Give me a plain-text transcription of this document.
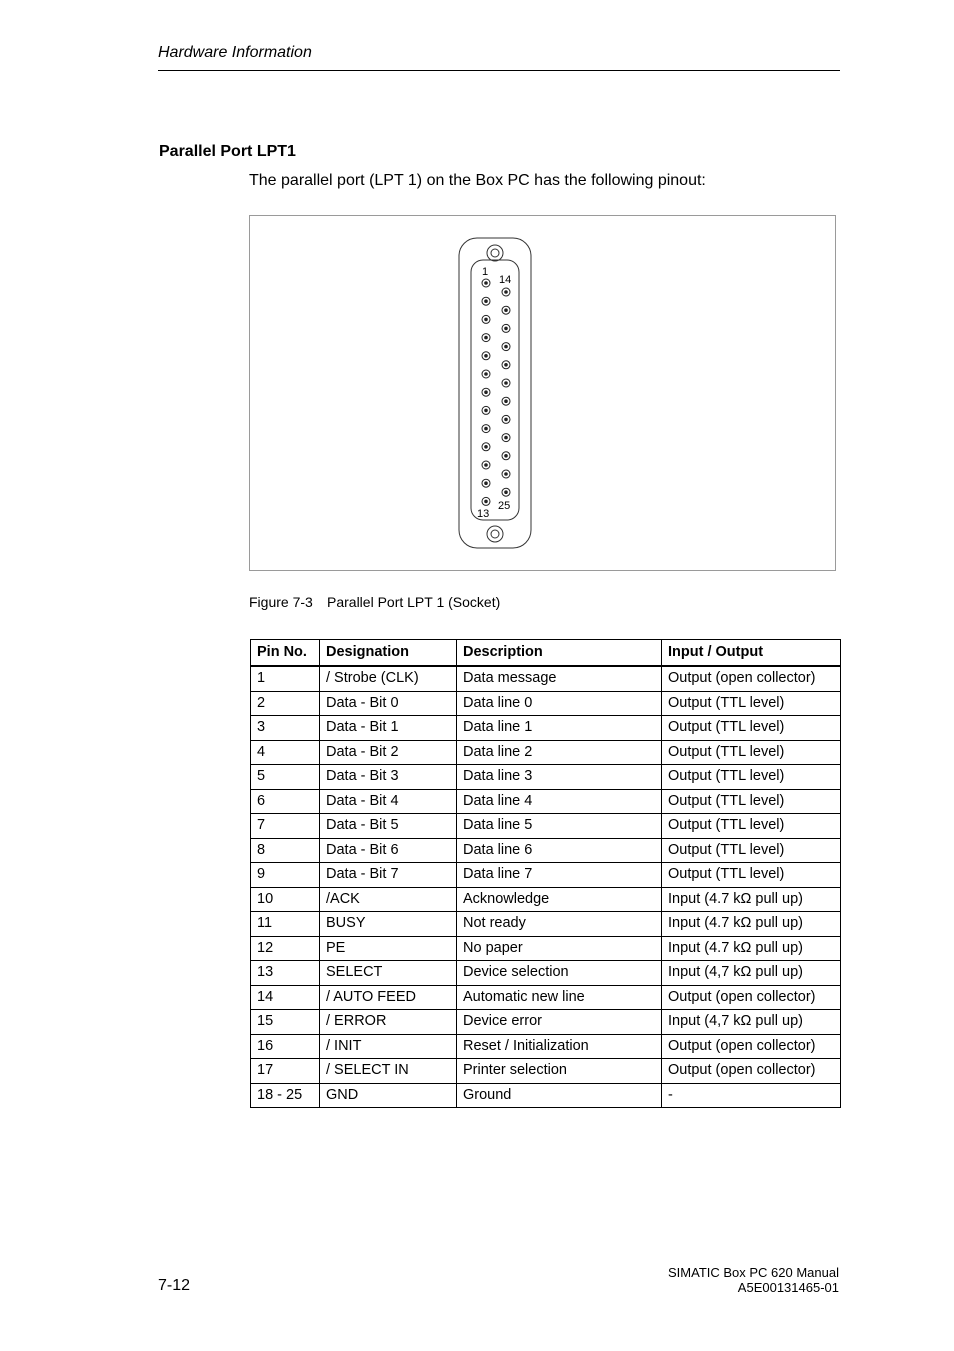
Hardware Information
Parallel Port LPT1
The parallel port (LPT 1) on the Box PC has the following pinout:
1
14
13
25
Figure 7-3 Parallel Port LPT 1 (Socket)
Pin No.	Designation	Description	Input / Output
1	/ Strobe (CLK)	Data message	Output (open collector)
2	Data - Bit 0	Data line 0	Output (TTL level)
3	Data - Bit 1	Data line 1	Output (TTL level)
4	Data - Bit 2	Data line 2	Output (TTL level)
5	Data - Bit 3	Data line 3	Output (TTL level)
6	Data - Bit 4	Data line 4	Output (TTL level)
7	Data - Bit 5	Data line 5	Output (TTL level)
8	Data - Bit 6	Data line 6	Output (TTL level)
9	Data - Bit 7	Data line 7	Output (TTL level)
10	/ACK	Acknowledge	Input (4.7 kΩ pull up)
11	BUSY	Not ready	Input (4.7 kΩ pull up)
12	PE	No paper	Input (4.7 kΩ pull up)
13	SELECT	Device selection	Input (4,7 kΩ pull up)
14	/ AUTO FEED	Automatic new line	Output (open collector)
15	/ ERROR	Device error	Input (4,7 kΩ pull up)
16	/ INIT	Reset / Initialization	Output (open collector)
17	/ SELECT IN	Printer selection	Output (open collector)
18 - 25	GND	Ground	-
7-12
SIMATIC Box PC 620 Manual
A5E00131465-01
